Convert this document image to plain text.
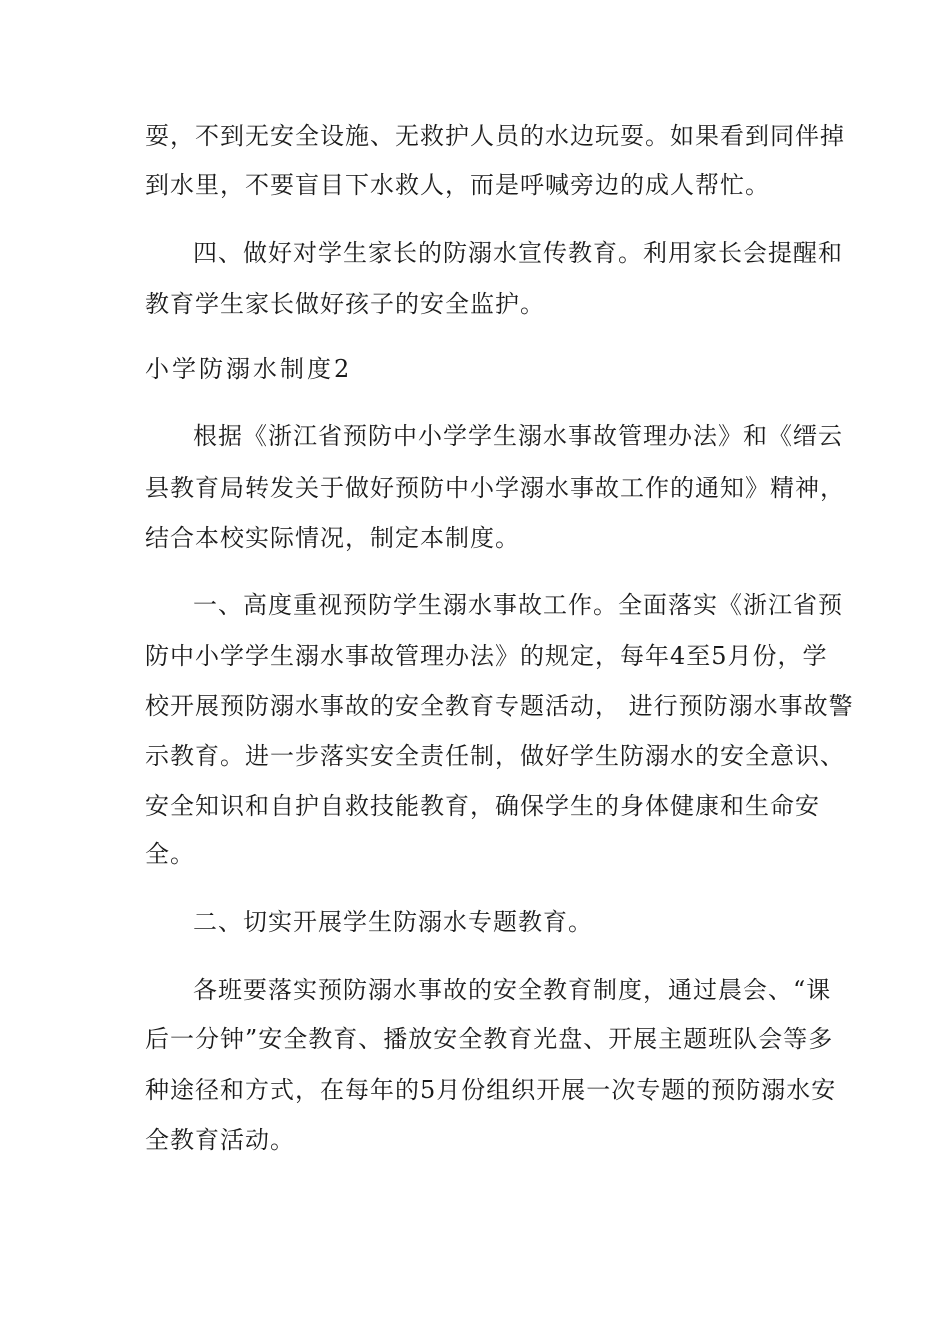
耍，不到无安全设施、无救护人员的水边玩耍。如果看到同伴掉
到水里，不要盲目下水救人，而是呼喊旁边的成人帮忙。
四、做好对学生家长的防溺水宣传教育。利用家长会提醒和
教育学生家长做好孩子的安全监护。
小学防溺水制度2
根据《浙江省预防中小学学生溺水事故管理办法》和《缙云
县教育局转发关于做好预防中小学溺水事故工作的通知》精神，
结合本校实际情况，制定本制度。
一、高度重视预防学生溺水事故工作。全面落实《浙江省预
防中小学学生溺水事故管理办法》的规定，每年4至5月份，学
校开展预防溺水事故的安全教育专题活动， 进行预防溺水事故警
示教育。进一步落实安全责任制，做好学生防溺水的安全意识、
安全知识和自护自救技能教育，确保学生的身体健康和生命安
全。
二、切实开展学生防溺水专题教育。
各班要落实预防溺水事故的安全教育制度，通过晨会、“课
后一分钟”安全教育、播放安全教育光盘、开展主题班队会等多
种途径和方式，在每年的5月份组织开展一次专题的预防溺水安
全教育活动。
